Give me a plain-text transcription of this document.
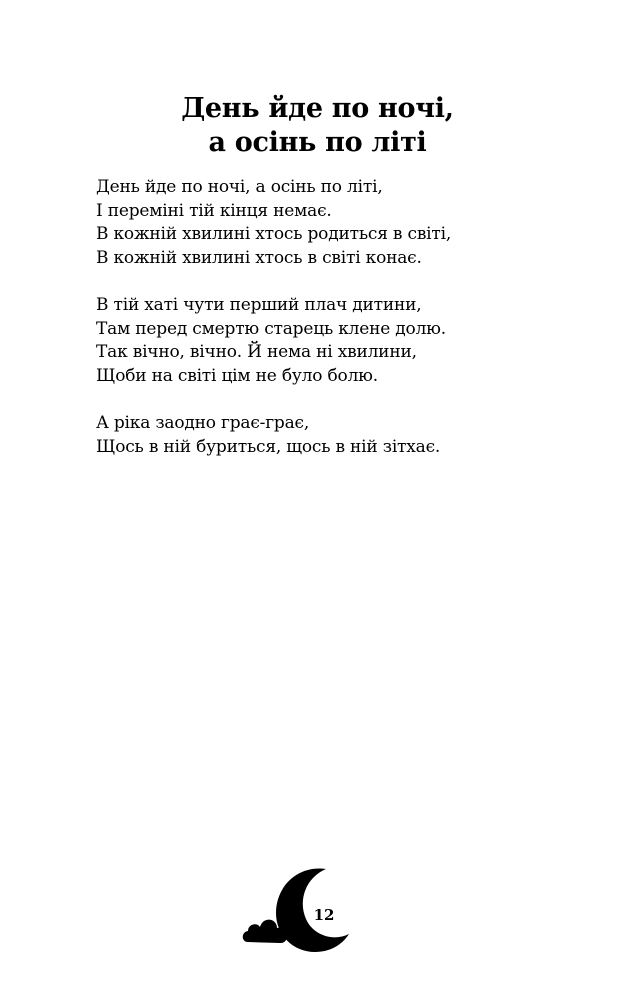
День йде по ночі,
а осінь по літі
День йде по ночі, а осінь по літі,
І переміні тій кінця немає.
В кожній хвилині хтось родиться в світі,
В кожній хвилині хтось в світі конає.
В тій хаті чути перший плач дитини,
Там перед смертю старець клене долю.
Так вічно, вічно. Й нема ні хвилини,
Щоби на світі цім не було болю.
А ріка заодно грає-грає,
Щось в ній буриться, щось в ній зітхає.
12
